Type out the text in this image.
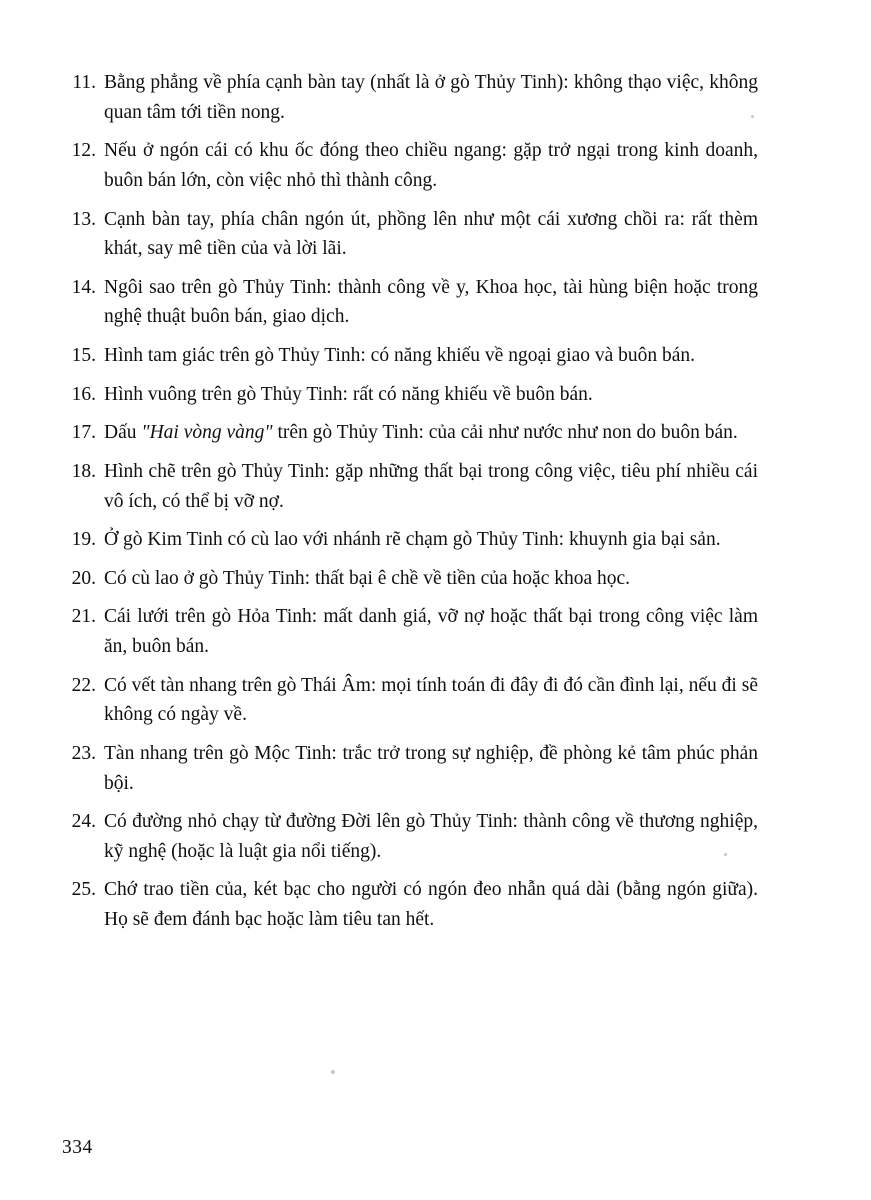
11. Bằng phẳng về phía cạnh bàn tay (nhất là ở gò Thủy Tinh): không thạo việc, không quan tâm tới tiền nong.
12. Nếu ở ngón cái có khu ốc đóng theo chiều ngang: gặp trở ngại trong kinh doanh, buôn bán lớn, còn việc nhỏ thì thành công.
13. Cạnh bàn tay, phía chân ngón út, phồng lên như một cái xương chồi ra: rất thèm khát, say mê tiền của và lời lãi.
14. Ngôi sao trên gò Thủy Tinh: thành công về y, Khoa học, tài hùng biện hoặc trong nghệ thuật buôn bán, giao dịch.
15. Hình tam giác trên gò Thủy Tinh: có năng khiếu về ngoại giao và buôn bán.
16. Hình vuông trên gò Thủy Tinh: rất có năng khiếu về buôn bán.
17. Dấu "Hai vòng vàng" trên gò Thủy Tinh: của cải như nước như non do buôn bán.
18. Hình chẽ trên gò Thủy Tinh: gặp những thất bại trong công việc, tiêu phí nhiều cái vô ích, có thể bị vỡ nợ.
19. Ở gò Kim Tinh có cù lao với nhánh rẽ chạm gò Thủy Tinh: khuynh gia bại sản.
20. Có cù lao ở gò Thủy Tinh: thất bại ê chề về tiền của hoặc khoa học.
21. Cái lưới trên gò Hỏa Tinh: mất danh giá, vỡ nợ hoặc thất bại trong công việc làm ăn, buôn bán.
22. Có vết tàn nhang trên gò Thái Âm: mọi tính toán đi đây đi đó cần đình lại, nếu đi sẽ không có ngày về.
23. Tàn nhang trên gò Mộc Tinh: trắc trở trong sự nghiệp, đề phòng kẻ tâm phúc phản bội.
24. Có đường nhỏ chạy từ đường Đời lên gò Thủy Tinh: thành công về thương nghiệp, kỹ nghệ (hoặc là luật gia nổi tiếng).
25. Chớ trao tiền của, két bạc cho người có ngón đeo nhẫn quá dài (bằng ngón giữa). Họ sẽ đem đánh bạc hoặc làm tiêu tan hết.
334
